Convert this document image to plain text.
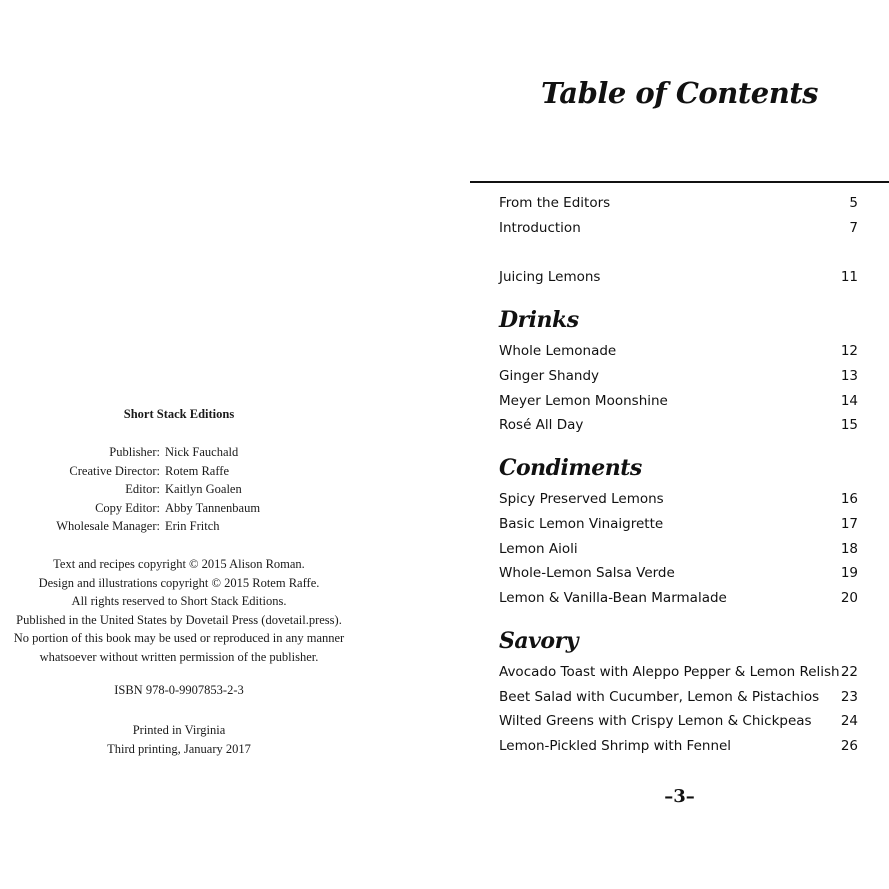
Short Stack Editions
Publisher: Nick Fauchald
Creative Director: Rotem Raffe
Editor: Kaitlyn Goalen
Copy Editor: Abby Tannenbaum
Wholesale Manager: Erin Fritch
Text and recipes copyright © 2015 Alison Roman.
Design and illustrations copyright © 2015 Rotem Raffe.
All rights reserved to Short Stack Editions.
Published in the United States by Dovetail Press (dovetail.press).
No portion of this book may be used or reproduced in any manner
whatsoever without written permission of the publisher.
ISBN 978-0-9907853-2-3
Printed in Virginia
Third printing, January 2017
Table of Contents
From the Editors	5
Introduction	7
Juicing Lemons	11
Drinks
Whole Lemonade	12
Ginger Shandy	13
Meyer Lemon Moonshine	14
Rosé All Day	15
Condiments
Spicy Preserved Lemons	16
Basic Lemon Vinaigrette	17
Lemon Aioli	18
Whole-Lemon Salsa Verde	19
Lemon & Vanilla-Bean Marmalade	20
Savory
Avocado Toast with Aleppo Pepper & Lemon Relish 22
Beet Salad with Cucumber, Lemon & Pistachios 23
Wilted Greens with Crispy Lemon & Chickpeas 24
Lemon-Pickled Shrimp with Fennel	26
–3–
